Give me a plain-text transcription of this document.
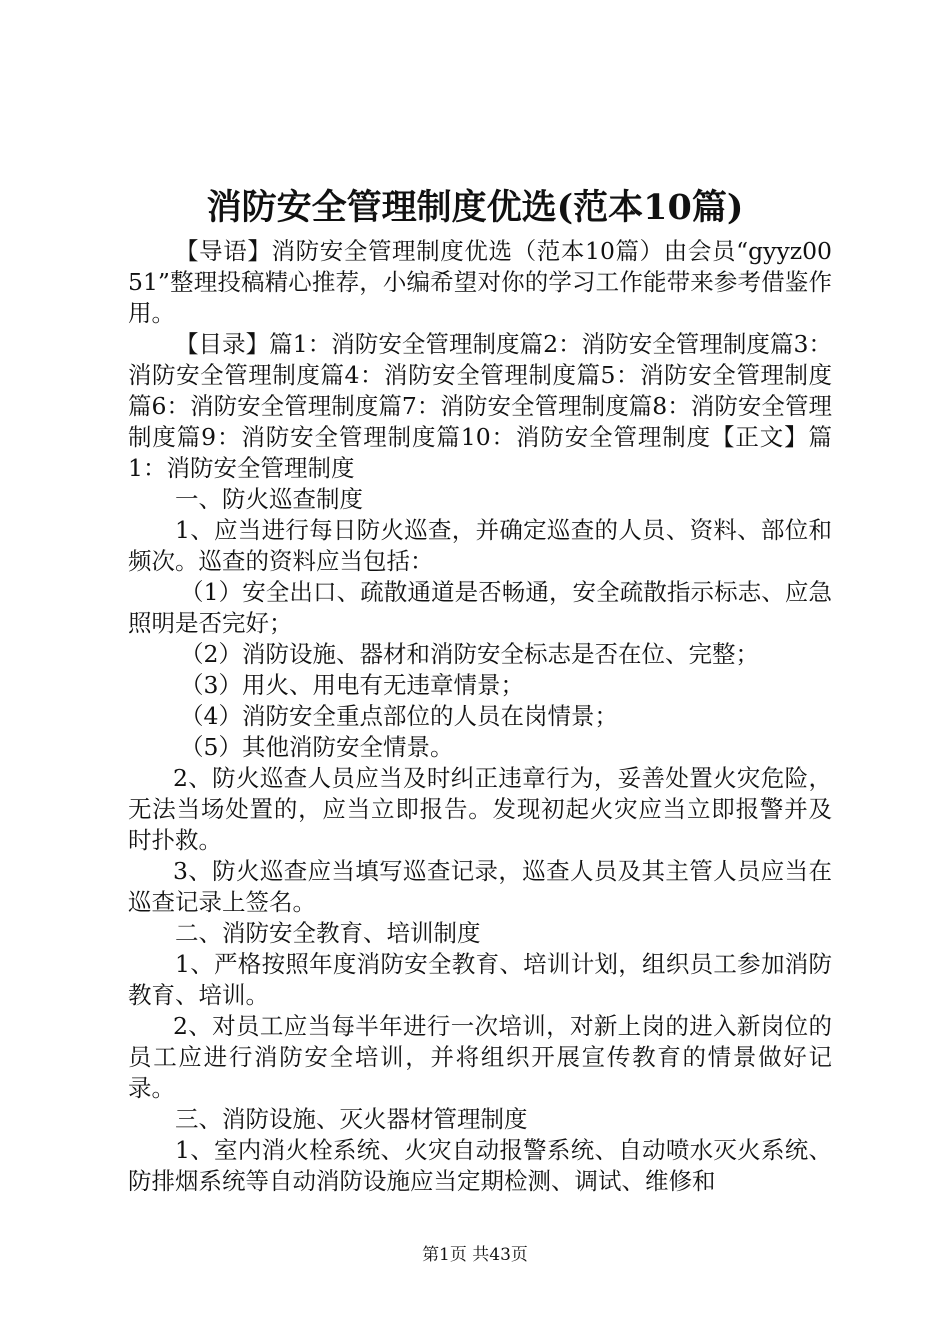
消防安全管理制度优选(范本10篇)

【导语】消防安全管理制度优选（范本10篇）由会员“gyyz0051”整理投稿精心推荐，小编希望对你的学习工作能带来参考借鉴作用。

【目录】篇1：消防安全管理制度篇2：消防安全管理制度篇3：消防安全管理制度篇4：消防安全管理制度篇5：消防安全管理制度篇6：消防安全管理制度篇7：消防安全管理制度篇8：消防安全管理制度篇9：消防安全管理制度篇10：消防安全管理制度【正文】篇1：消防安全管理制度

一、防火巡查制度

1、应当进行每日防火巡查，并确定巡查的人员、资料、部位和频次。巡查的资料应当包括：

（1）安全出口、疏散通道是否畅通，安全疏散指示标志、应急照明是否完好；

（2）消防设施、器材和消防安全标志是否在位、完整；

（3）用火、用电有无违章情景；

（4）消防安全重点部位的人员在岗情景；

（5）其他消防安全情景。

2、防火巡查人员应当及时纠正违章行为，妥善处置火灾危险，无法当场处置的，应当立即报告。发现初起火灾应当立即报警并及时扑救。

3、防火巡查应当填写巡查记录，巡查人员及其主管人员应当在巡查记录上签名。

二、消防安全教育、培训制度

1、严格按照年度消防安全教育、培训计划，组织员工参加消防教育、培训。

2、对员工应当每半年进行一次培训，对新上岗的进入新岗位的员工应进行消防安全培训，并将组织开展宣传教育的情景做好记录。

三、消防设施、灭火器材管理制度

1、室内消火栓系统、火灾自动报警系统、自动喷水灭火系统、防排烟系统等自动消防设施应当定期检测、调试、维修和

第1页 共43页
